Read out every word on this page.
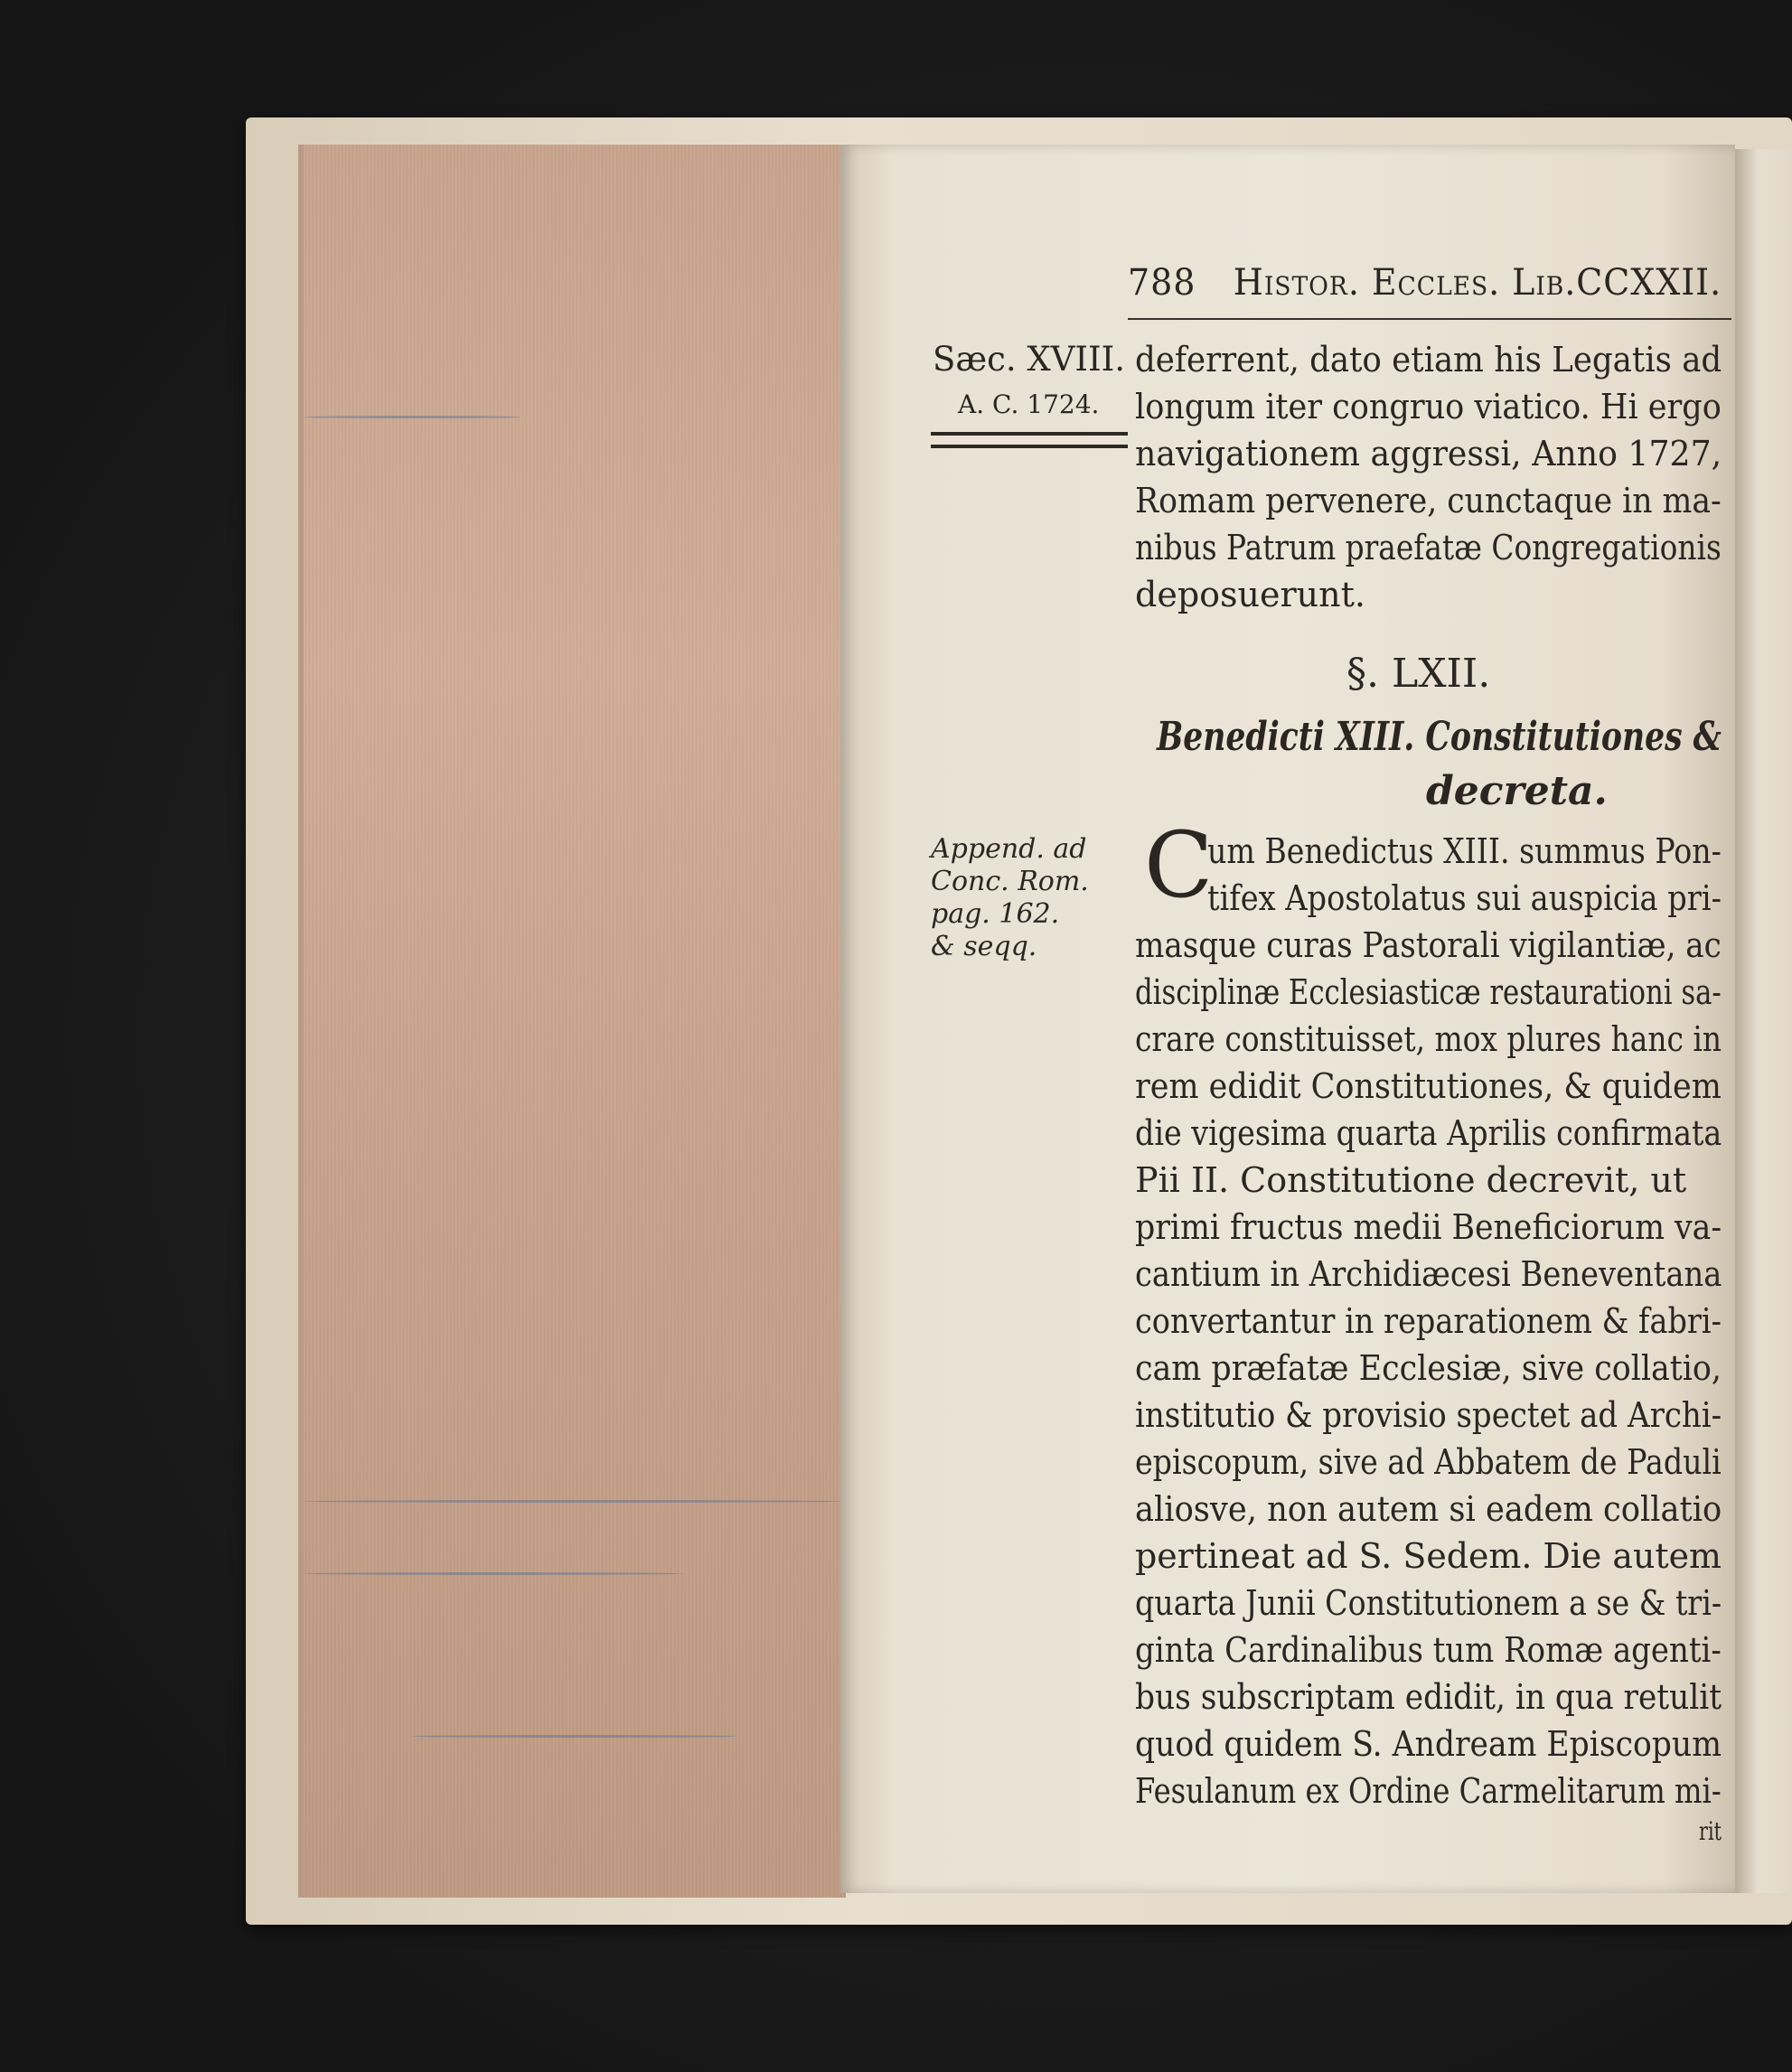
788 Histor. Eccles. Lib.CCXXII.
Sæc. XVIII.
A. C. 1724.
Append. ad
Conc. Rom.
pag. 162.
& seqq.
deferrent, dato etiam his Legatis ad
longum iter congruo viatico. Hi ergo
navigationem aggressi, Anno 1727,
Romam pervenere, cunctaque in ma-
nibus Patrum praefatæ Congregationis
deposuerunt.
§. LXII.
Benedicti XIII. Constitutiones &
decreta.
C
um Benedictus XIII. summus Pon-
tifex Apostolatus sui auspicia pri-
masque curas Pastorali vigilantiæ, ac
disciplinæ Ecclesiasticæ restaurationi sa-
crare constituisset, mox plures hanc in
rem edidit Constitutiones, & quidem
die vigesima quarta Aprilis confirmata
Pii II. Constitutione decrevit, ut
primi fructus medii Beneficiorum va-
cantium in Archidiæcesi Beneventana
convertantur in reparationem & fabri-
cam præfatæ Ecclesiæ, sive collatio,
institutio & provisio spectet ad Archi-
episcopum, sive ad Abbatem de Paduli
aliosve, non autem si eadem collatio
pertineat ad S. Sedem. Die autem
quarta Junii Constitutionem a se & tri-
ginta Cardinalibus tum Romæ agenti-
bus subscriptam edidit, in qua retulit
quod quidem S. Andream Episcopum
Fesulanum ex Ordine Carmelitarum mi-
rit
